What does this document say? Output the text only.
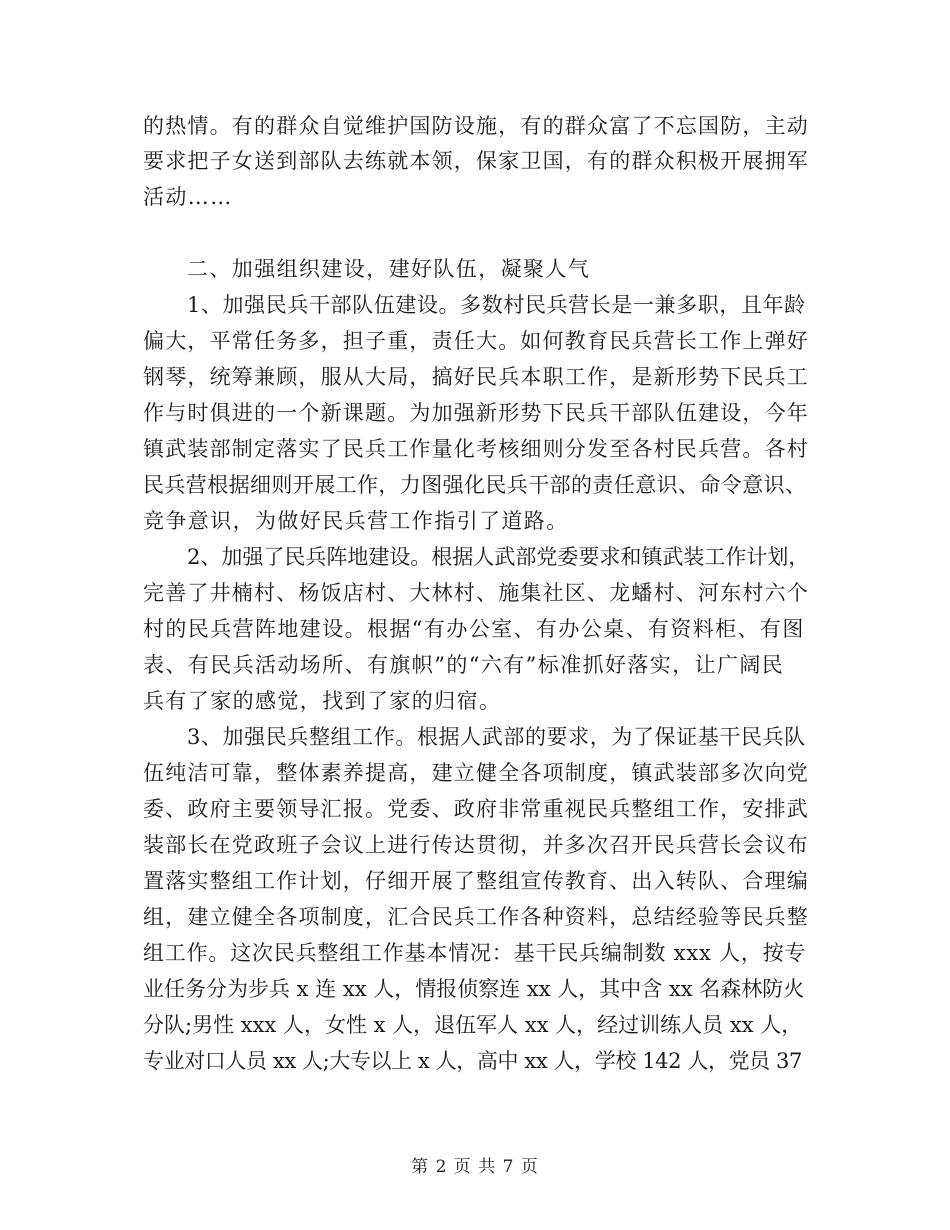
的热情。有的群众自觉维护国防设施，有的群众富了不忘国防，主动
要求把子女送到部队去练就本领，保家卫国，有的群众积极开展拥军
活动……
二、加强组织建设，建好队伍，凝聚人气
1、加强民兵干部队伍建设。多数村民兵营长是一兼多职，且年龄
偏大，平常任务多，担子重，责任大。如何教育民兵营长工作上弹好
钢琴，统筹兼顾，服从大局，搞好民兵本职工作，是新形势下民兵工
作与时俱进的一个新课题。为加强新形势下民兵干部队伍建设，今年
镇武装部制定落实了民兵工作量化考核细则分发至各村民兵营。各村
民兵营根据细则开展工作，力图强化民兵干部的责任意识、命令意识、
竞争意识，为做好民兵营工作指引了道路。
2、加强了民兵阵地建设。根据人武部党委要求和镇武装工作计划，
完善了井楠村、杨饭店村、大林村、施集社区、龙蟠村、河东村六个
村的民兵营阵地建设。根据“有办公室、有办公桌、有资料柜、有图
表、有民兵活动场所、有旗帜”的“六有”标准抓好落实，让广阔民
兵有了家的感觉，找到了家的归宿。
3、加强民兵整组工作。根据人武部的要求，为了保证基干民兵队
伍纯洁可靠，整体素养提高，建立健全各项制度，镇武装部多次向党
委、政府主要领导汇报。党委、政府非常重视民兵整组工作，安排武
装部长在党政班子会议上进行传达贯彻，并多次召开民兵营长会议布
置落实整组工作计划，仔细开展了整组宣传教育、出入转队、合理编
组，建立健全各项制度，汇合民兵工作各种资料，总结经验等民兵整
组工作。这次民兵整组工作基本情况：基干民兵编制数 xxx 人，按专
业任务分为步兵 x 连 xx 人，情报侦察连 xx 人，其中含 xx 名森林防火
分队;男性 xxx 人，女性 x 人，退伍军人 xx 人，经过训练人员 xx 人，
专业对口人员 xx 人;大专以上 x 人，高中 xx 人，学校 142 人，党员 37
第 2 页 共 7 页
